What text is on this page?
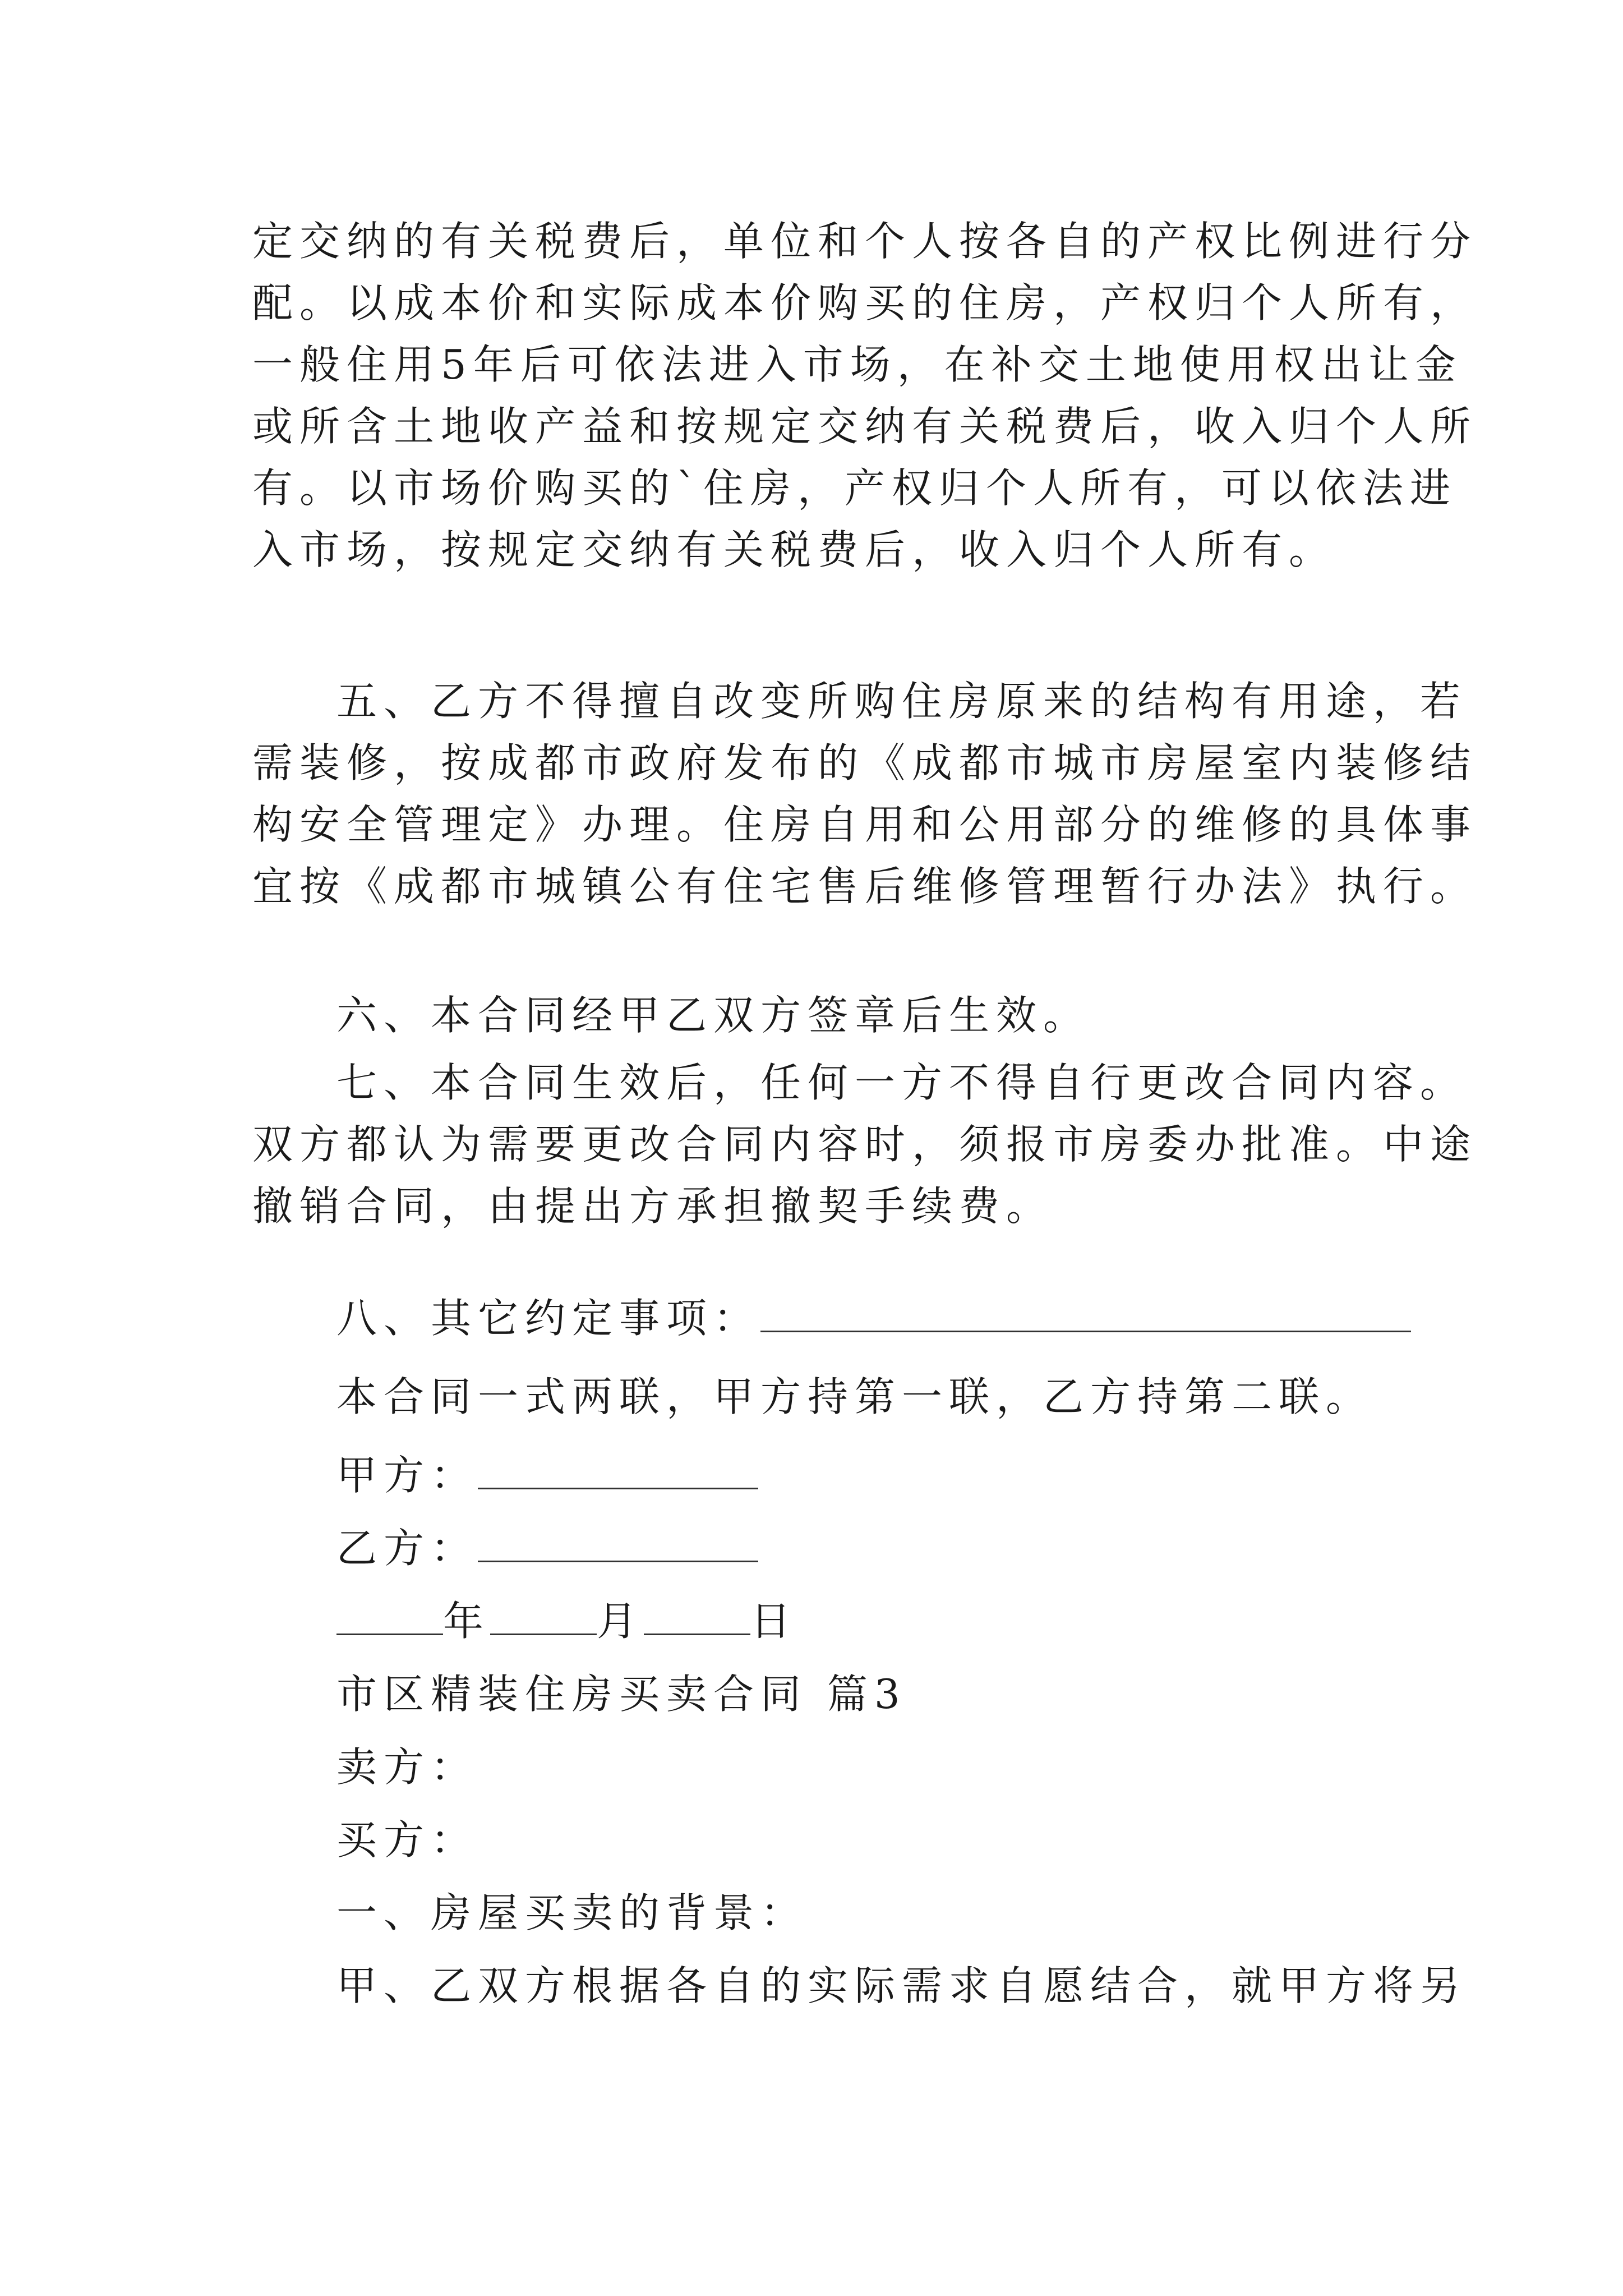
定交纳的有关税费后，单位和个人按各自的产权比例进行分
配。以成本价和实际成本价购买的住房，产权归个人所有，
一般住用5年后可依法进入市场，在补交土地使用权出让金
或所含土地收产益和按规定交纳有关税费后，收入归个人所
有。以市场价购买的`住房，产权归个人所有，可以依法进
入市场，按规定交纳有关税费后，收入归个人所有。
五、乙方不得擅自改变所购住房原来的结构有用途，若
需装修，按成都市政府发布的《成都市城市房屋室内装修结
构安全管理定》办理。住房自用和公用部分的维修的具体事
宜按《成都市城镇公有住宅售后维修管理暂行办法》执行。
六、本合同经甲乙双方签章后生效。
七、本合同生效后，任何一方不得自行更改合同内容。
双方都认为需要更改合同内容时，须报市房委办批准。中途
撤销合同，由提出方承担撤契手续费。
八、其它约定事项：
本合同一式两联，甲方持第一联，乙方持第二联。
甲方：
乙方：
年	月	日
市区精装住房买卖合同 篇3
卖方：
买方：
一、房屋买卖的背景：
甲、乙双方根据各自的实际需求自愿结合，就甲方将另
